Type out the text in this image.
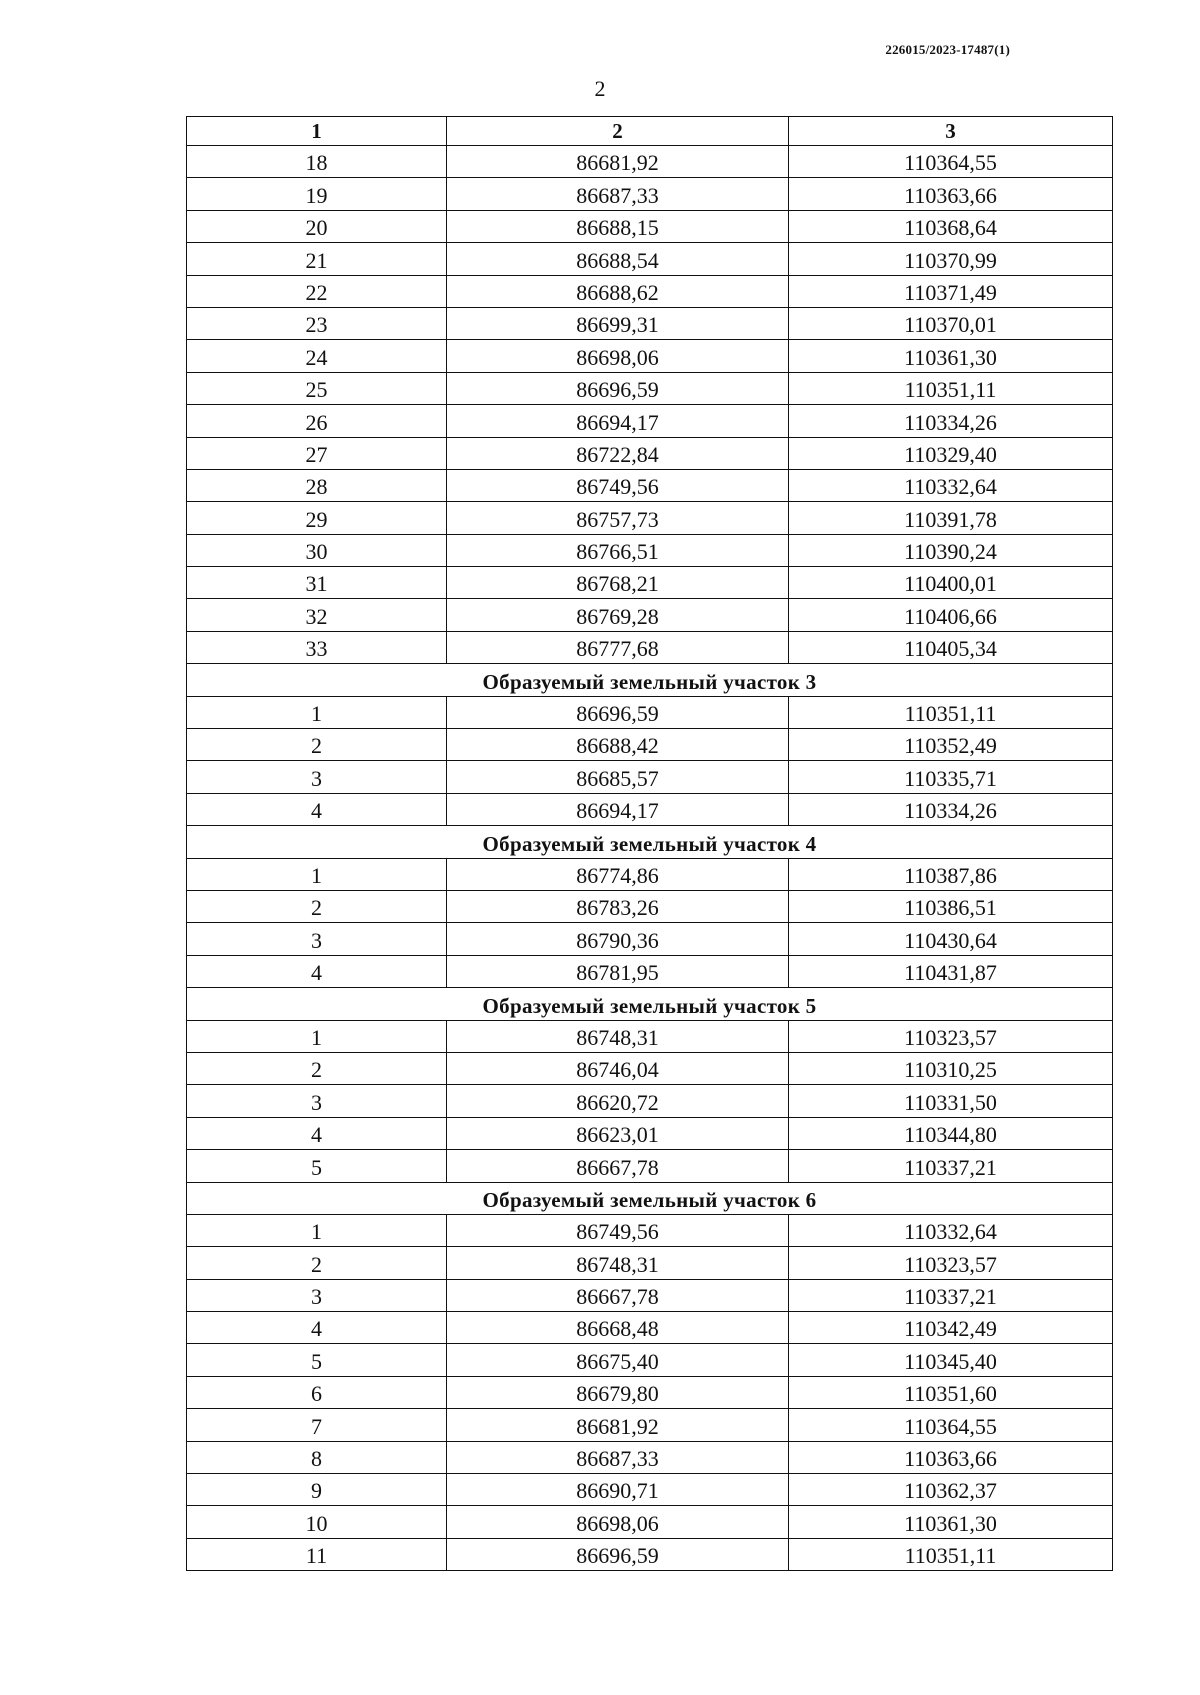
226015/2023-17487(1)
2
1	2	3
18	86681,92	110364,55
19	86687,33	110363,66
20	86688,15	110368,64
21	86688,54	110370,99
22	86688,62	110371,49
23	86699,31	110370,01
24	86698,06	110361,30
25	86696,59	110351,11
26	86694,17	110334,26
27	86722,84	110329,40
28	86749,56	110332,64
29	86757,73	110391,78
30	86766,51	110390,24
31	86768,21	110400,01
32	86769,28	110406,66
33	86777,68	110405,34
Образуемый земельный участок 3		
1	86696,59	110351,11
2	86688,42	110352,49
3	86685,57	110335,71
4	86694,17	110334,26
Образуемый земельный участок 4		
1	86774,86	110387,86
2	86783,26	110386,51
3	86790,36	110430,64
4	86781,95	110431,87
Образуемый земельный участок 5		
1	86748,31	110323,57
2	86746,04	110310,25
3	86620,72	110331,50
4	86623,01	110344,80
5	86667,78	110337,21
Образуемый земельный участок 6		
1	86749,56	110332,64
2	86748,31	110323,57
3	86667,78	110337,21
4	86668,48	110342,49
5	86675,40	110345,40
6	86679,80	110351,60
7	86681,92	110364,55
8	86687,33	110363,66
9	86690,71	110362,37
10	86698,06	110361,30
11	86696,59	110351,11
